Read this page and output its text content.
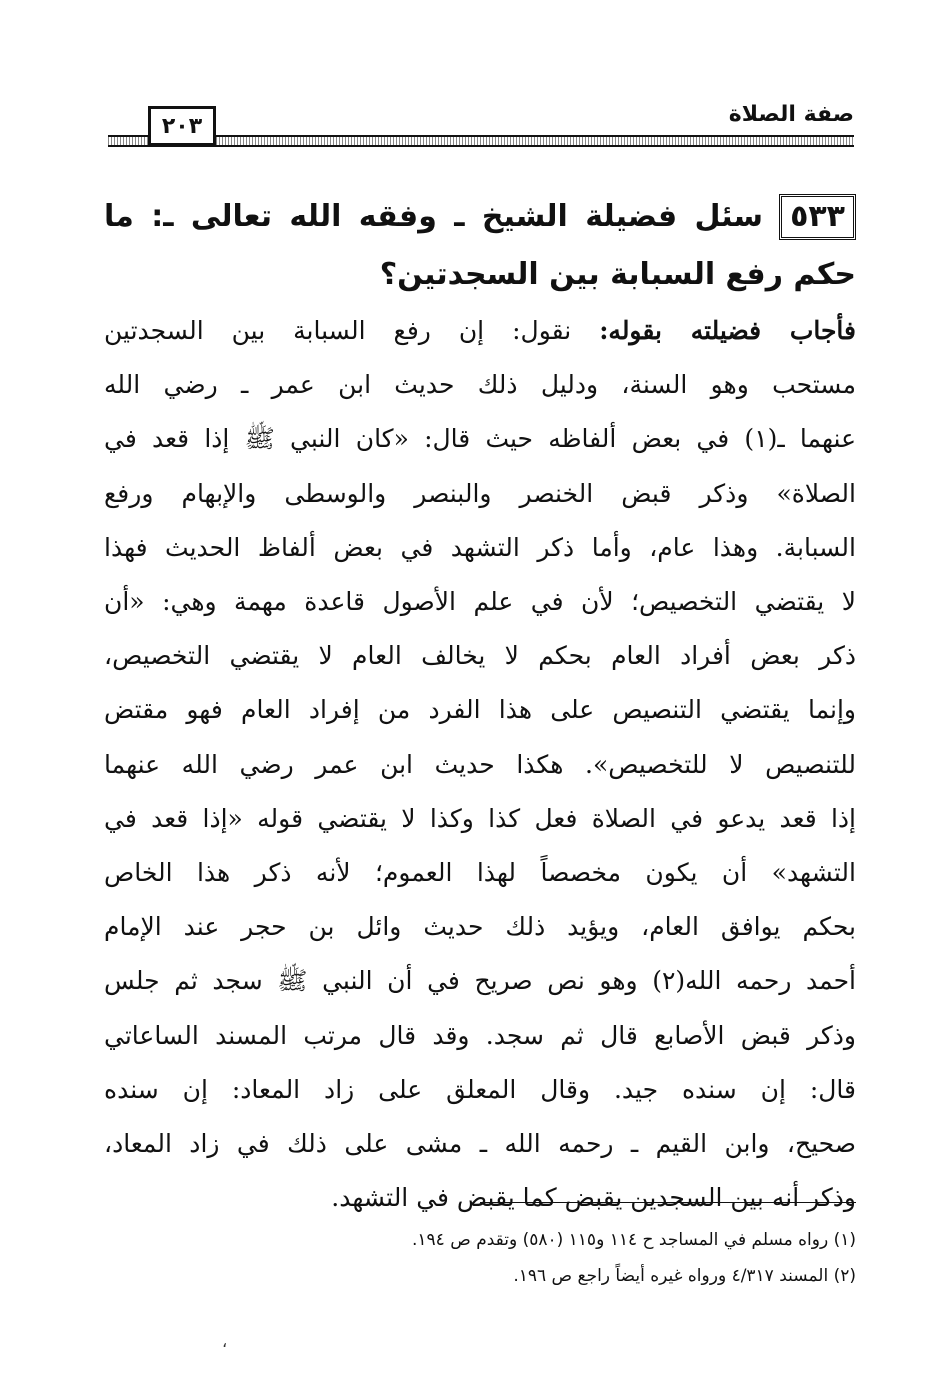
صفة الصلاة
٢٠٣
٥٣٣سئل فضيلة الشيخ ـ وفقه الله تعالى ـ: ما حكم رفع السبابة بين السجدتين؟
فأجاب فضيلته بقوله: نقول: إن رفع السبابة بين السجدتين
مستحب وهو السنة، ودليل ذلك حديث ابن عمر ـ رضي الله
عنهما ـ(١) في بعض ألفاظه حيث قال: «كان النبي ﷺ إذا قعد في
الصلاة» وذكر قبض الخنصر والبنصر والوسطى والإبهام ورفع
السبابة. وهذا عام، وأما ذكر التشهد في بعض ألفاظ الحديث فهذا
لا يقتضي التخصيص؛ لأن في علم الأصول قاعدة مهمة وهي: «أن
ذكر بعض أفراد العام بحكم لا يخالف العام لا يقتضي التخصيص،
وإنما يقتضي التنصيص على هذا الفرد من إفراد العام فهو مقتض
للتنصيص لا للتخصيص». هكذا حديث ابن عمر رضي الله عنهما
إذا قعد يدعو في الصلاة فعل كذا وكذا لا يقتضي قوله «إذا قعد في
التشهد» أن يكون مخصصاً لهذا العموم؛ لأنه ذكر هذا الخاص
بحكم يوافق العام، ويؤيد ذلك حديث وائل بن حجر عند الإمام
أحمد رحمه الله(٢) وهو نص صريح في أن النبي ﷺ سجد ثم جلس
وذكر قبض الأصابع قال ثم سجد. وقد قال مرتب المسند الساعاتي
قال: إن سنده جيد. وقال المعلق على زاد المعاد: إن سنده
صحيح، وابن القيم ـ رحمه الله ـ مشى على ذلك في زاد المعاد،
وذكر أنه بين السجدين يقبض كما يقبض في التشهد.
(١) رواه مسلم في المساجد ح ١١٤ و١١٥ (٥٨٠) وتقدم ص ١٩٤.
(٢) المسند ٤/٣١٧ ورواه غيره أيضاً راجع ص ١٩٦.
،
